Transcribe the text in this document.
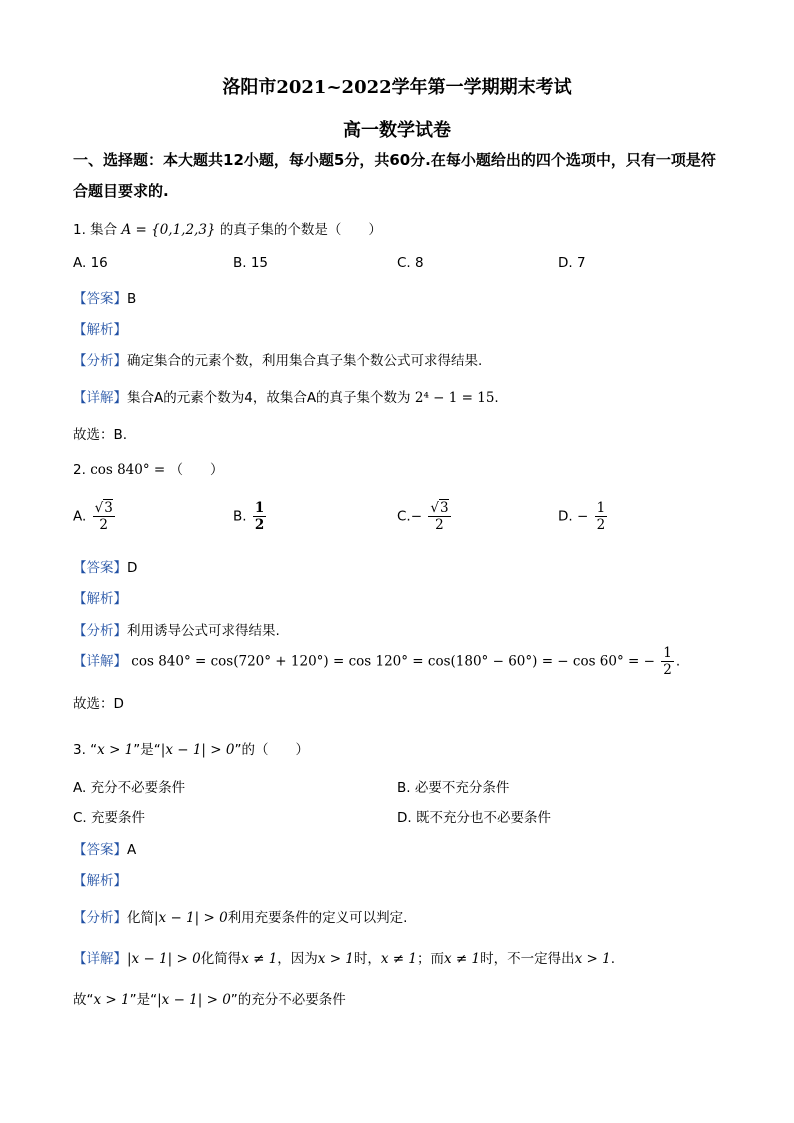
洛阳市2021~2022学年第一学期期末考试
高一数学试卷
一、选择题：本大题共12小题，每小题5分，共60分.在每小题给出的四个选项中，只有一项是符合题目要求的.
1. 集合 A = {0,1,2,3} 的真子集的个数是（　　）
A. 16	B. 15	C. 8	D. 7
【答案】B
【解析】
【分析】确定集合的元素个数，利用集合真子集个数公式可求得结果.
【详解】集合A的元素个数为4，故集合A的真子集个数为 2⁴ − 1 = 15.
故选：B.
2. cos 840° = （　　）
A. $\frac{√3}{2}$	B. $\frac{1}{2}$	$C.- \frac{√3}{2}$	D. − $\frac{1}{2}$
【答案】D
【解析】
【分析】利用诱导公式可求得结果.
【详解】 cos 840° = cos(720° + 120°) = cos 120° = cos(180° − 60°) = − cos 60° = − $\frac{1}{2}$ .
故选：D
3. “x > 1”是“|x − 1| > 0”的（　　）
A. 充分不必要条件	B. 必要不充分条件
C. 充要条件	D. 既不充分也不必要条件
【答案】A
【解析】
【分析】化简|x − 1| > 0利用充要条件的定义可以判定.
【详解】|x − 1| > 0化简得x ≠ 1，因为x > 1时，x ≠ 1；而x ≠ 1时，不一定得出x > 1.
故“x > 1”是“|x − 1| > 0”的充分不必要条件
